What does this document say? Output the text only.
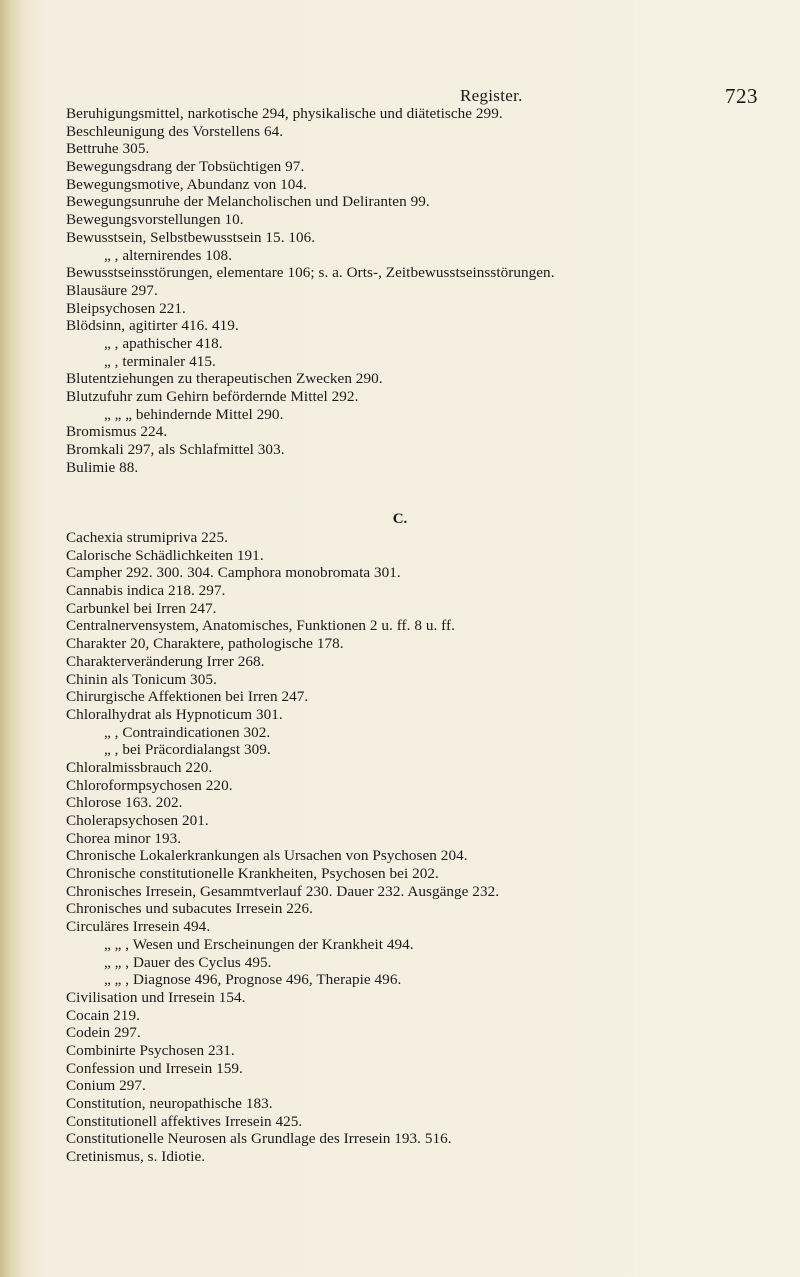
Register.	723
Beruhigungsmittel, narkotische 294, physikalische und diätetische 299.
Beschleunigung des Vorstellens 64.
Bettruhe 305.
Bewegungsdrang der Tobsüchtigen 97.
Bewegungsmotive, Abundanz von 104.
Bewegungsunruhe der Melancholischen und Deliranten 99.
Bewegungsvorstellungen 10.
Bewusstsein, Selbstbewusstsein 15. 106.
„ , alternirendes 108.
Bewusstseinsstörungen, elementare 106; s. a. Orts-, Zeitbewusstseinsstörungen.
Blausäure 297.
Bleipsychosen 221.
Blödsinn, agitirter 416. 419.
„ , apathischer 418.
„ , terminaler 415.
Blutentziehungen zu therapeutischen Zwecken 290.
Blutzufuhr zum Gehirn befördernde Mittel 292.
„ „ „ behindernde Mittel 290.
Bromismus 224.
Bromkali 297, als Schlafmittel 303.
Bulimie 88.
C.
Cachexia strumipriva 225.
Calorische Schädlichkeiten 191.
Campher 292. 300. 304. Camphora monobromata 301.
Cannabis indica 218. 297.
Carbunkel bei Irren 247.
Centralnervensystem, Anatomisches, Funktionen 2 u. ff. 8 u. ff.
Charakter 20, Charaktere, pathologische 178.
Charakterveränderung Irrer 268.
Chinin als Tonicum 305.
Chirurgische Affektionen bei Irren 247.
Chloralhydrat als Hypnoticum 301.
„ , Contraindicationen 302.
„ , bei Präcordialangst 309.
Chloralmissbrauch 220.
Chloroformpsychosen 220.
Chlorose 163. 202.
Cholerapsychosen 201.
Chorea minor 193.
Chronische Lokalerkrankungen als Ursachen von Psychosen 204.
Chronische constitutionelle Krankheiten, Psychosen bei 202.
Chronisches Irresein, Gesammtverlauf 230. Dauer 232. Ausgänge 232.
Chronisches und subacutes Irresein 226.
Circuläres Irresein 494.
„ „ , Wesen und Erscheinungen der Krankheit 494.
„ „ , Dauer des Cyclus 495.
„ „ , Diagnose 496, Prognose 496, Therapie 496.
Civilisation und Irresein 154.
Cocain 219.
Codein 297.
Combinirte Psychosen 231.
Confession und Irresein 159.
Conium 297.
Constitution, neuropathische 183.
Constitutionell affektives Irresein 425.
Constitutionelle Neurosen als Grundlage des Irresein 193. 516.
Cretinismus, s. Idiotie.
